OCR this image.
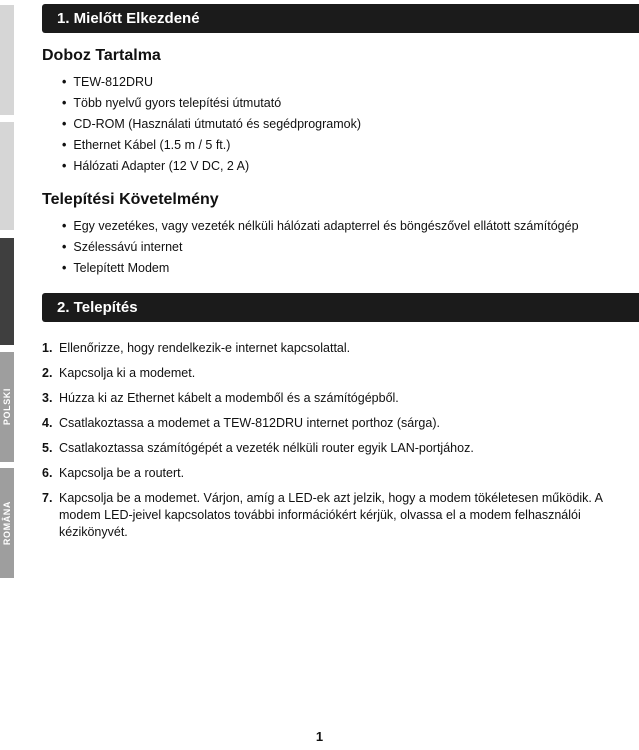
POLSKI
ROMÂNA
1. Mielőtt Elkezdené
Doboz Tartalma
• TEW-812DRU
• Több nyelvű gyors telepítési útmutató
• CD-ROM (Használati útmutató és segédprogramok)
• Ethernet Kábel (1.5 m / 5 ft.)
• Hálózati Adapter (12 V DC, 2 A)
Telepítési Követelmény
• Egy vezetékes, vagy vezeték nélküli hálózati adapterrel és böngészővel ellátott számítógép
• Szélessávú internet
• Telepített Modem
2. Telepítés
1. Ellenőrizze, hogy rendelkezik-e internet kapcsolattal.
2. Kapcsolja ki a modemet.
3. Húzza ki az Ethernet kábelt a modemből és a számítógépből.
4. Csatlakoztassa a modemet a TEW-812DRU internet porthoz (sárga).
5. Csatlakoztassa számítógépét a vezeték nélküli router egyik LAN-portjához.
6. Kapcsolja be a routert.
7. Kapcsolja be a modemet. Várjon, amíg a LED-ek azt jelzik, hogy a modem tökéletesen működik. A modem LED-jeivel kapcsolatos további információkért kérjük, olvassa el a modem felhasználói kézikönyvét.
1
